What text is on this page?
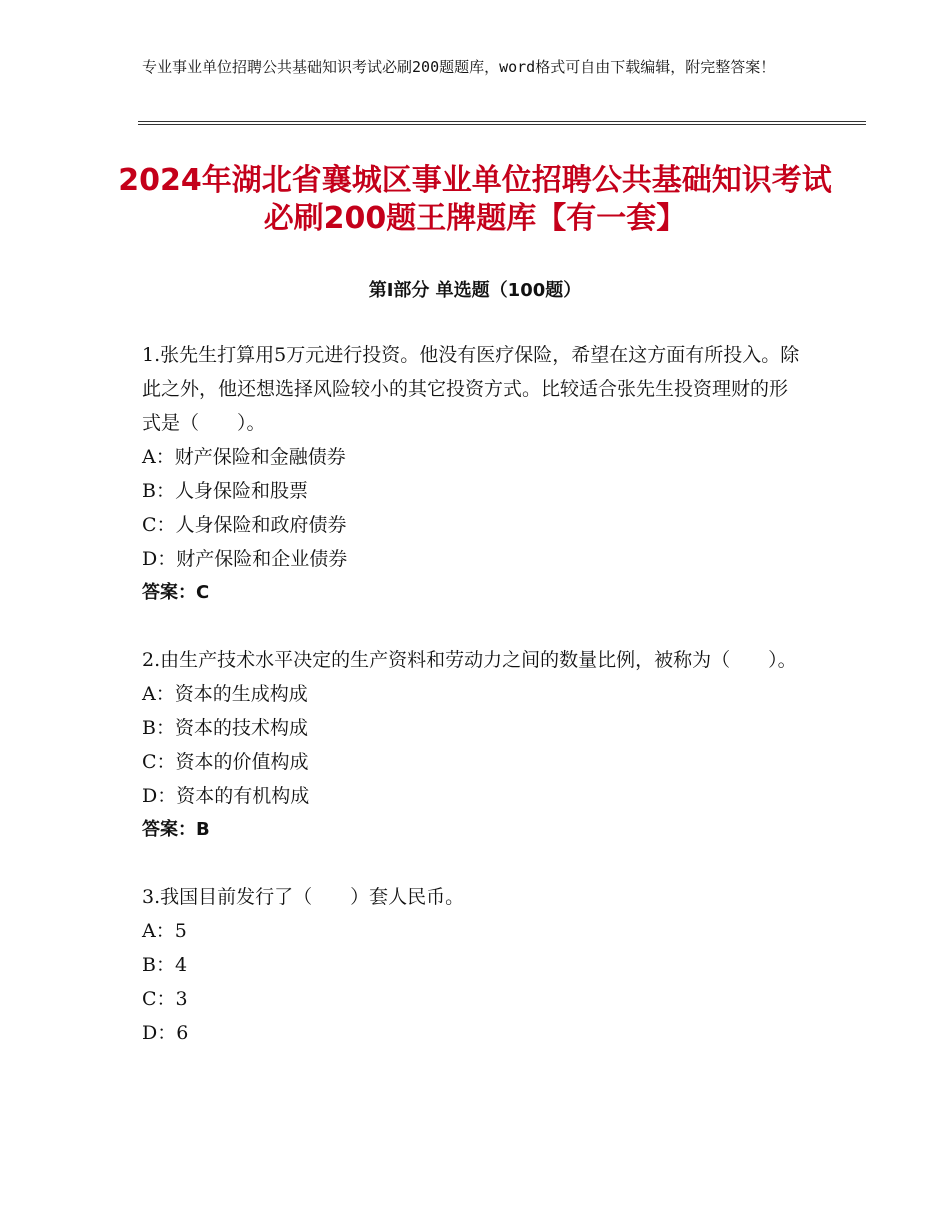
专业事业单位招聘公共基础知识考试必刷200题题库，word格式可自由下载编辑，附完整答案！
2024年湖北省襄城区事业单位招聘公共基础知识考试必刷200题王牌题库【有一套】
第Ⅰ部分 单选题（100题）
1.张先生打算用5万元进行投资。他没有医疗保险，希望在这方面有所投入。除此之外，他还想选择风险较小的其它投资方式。比较适合张先生投资理财的形式是（　　）。
A：财产保险和金融债券
B：人身保险和股票
C：人身保险和政府债券
D：财产保险和企业债券
答案：C
2.由生产技术水平决定的生产资料和劳动力之间的数量比例，被称为（　　）。
A：资本的生成构成
B：资本的技术构成
C：资本的价值构成
D：资本的有机构成
答案：B
3.我国目前发行了（　　）套人民币。
A：5
B：4
C：3
D：6
